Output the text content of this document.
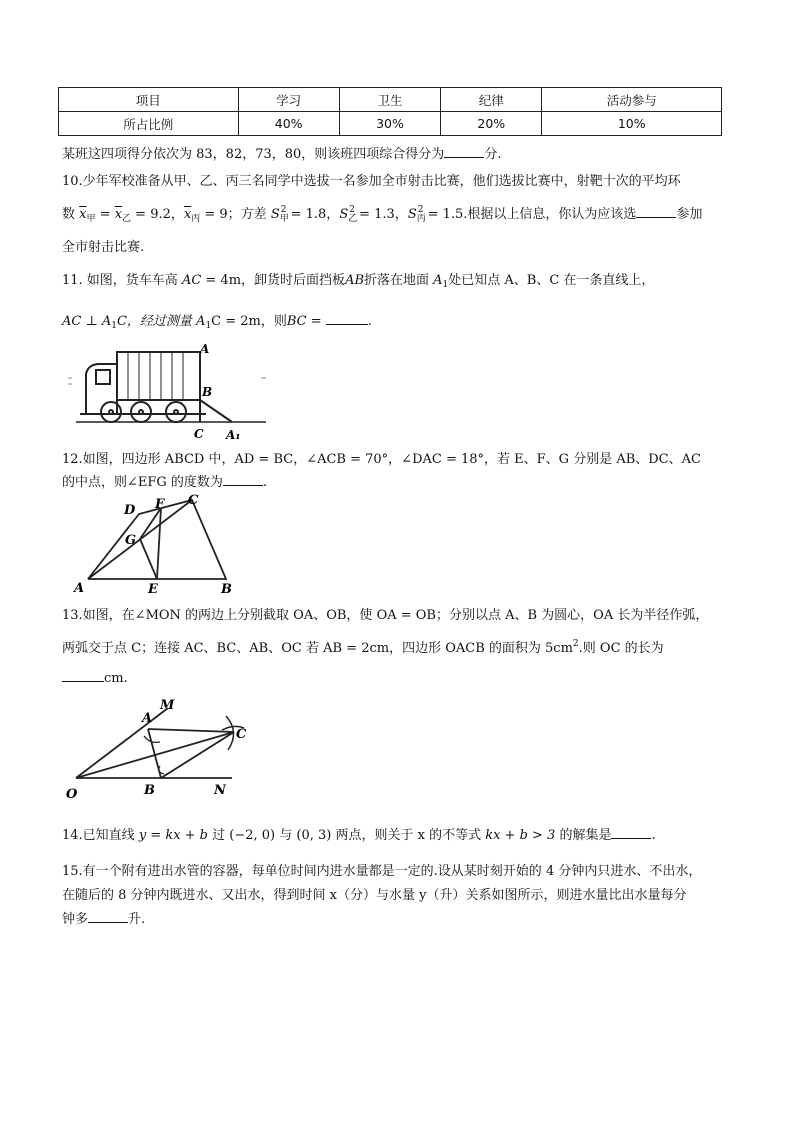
项目	学习	卫生	纪律	活动参与
所占比例	40%	30%	20%	10%
某班这四项得分依次为 83，82，73，80，则该班四项综合得分为	分.
10.少年军校准备从甲、乙、丙三名同学中选拔一名参加全市射击比赛，他们选拔比赛中，射靶十次的平均环
数 $\overline{x}_甲 = \overline{x}_乙 = 9.2$，$\overline{x}_丙 = 9$；方差 $S_甲^2 = 1.8$，$S_乙^2 = 1.3$，$S_丙^2 = 1.5$.根据以上信息，你认为应该选	参加
全市射击比赛.
11. 如图，货车车高 AC = 4m，卸货时后面挡板AB折落在地面 $A_1$处已知点 A、B、C 在一条直线上，
AC ⊥ $A_1C$，经过测量 $A_1C = 2m$，则BC =	.
A
B
C A₁
12.如图，四边形 ABCD 中，AD = BC，∠ACB = 70°，∠DAC = 18°，若 E、F、G 分别是 AB、DC、AC
的中点，则∠EFG 的度数为	.
D F C
G
A	E	B
13.如图，在∠MON 的两边上分别截取 OA、OB，使 OA = OB；分别以点 A、B 为圆心，OA 长为半径作弧，
两弧交于点 C；连接 AC、BC、AB、OC 若 AB = 2cm，四边形 OACB 的面积为 $5cm^2$.则 OC 的长为
cm.
M
A
C
O	B	N
14.已知直线 y = kx + b 过 (−2, 0) 与 (0, 3) 两点，则关于 x 的不等式 kx + b > 3 的解集是	.
15.有一个附有进出水管的容器，每单位时间内进水量都是一定的.设从某时刻开始的 4 分钟内只进水、不出水，
在随后的 8 分钟内既进水、又出水，得到时间 x（分）与水量 y（升）关系如图所示，则进水量比出水量每分
钟多	升.
